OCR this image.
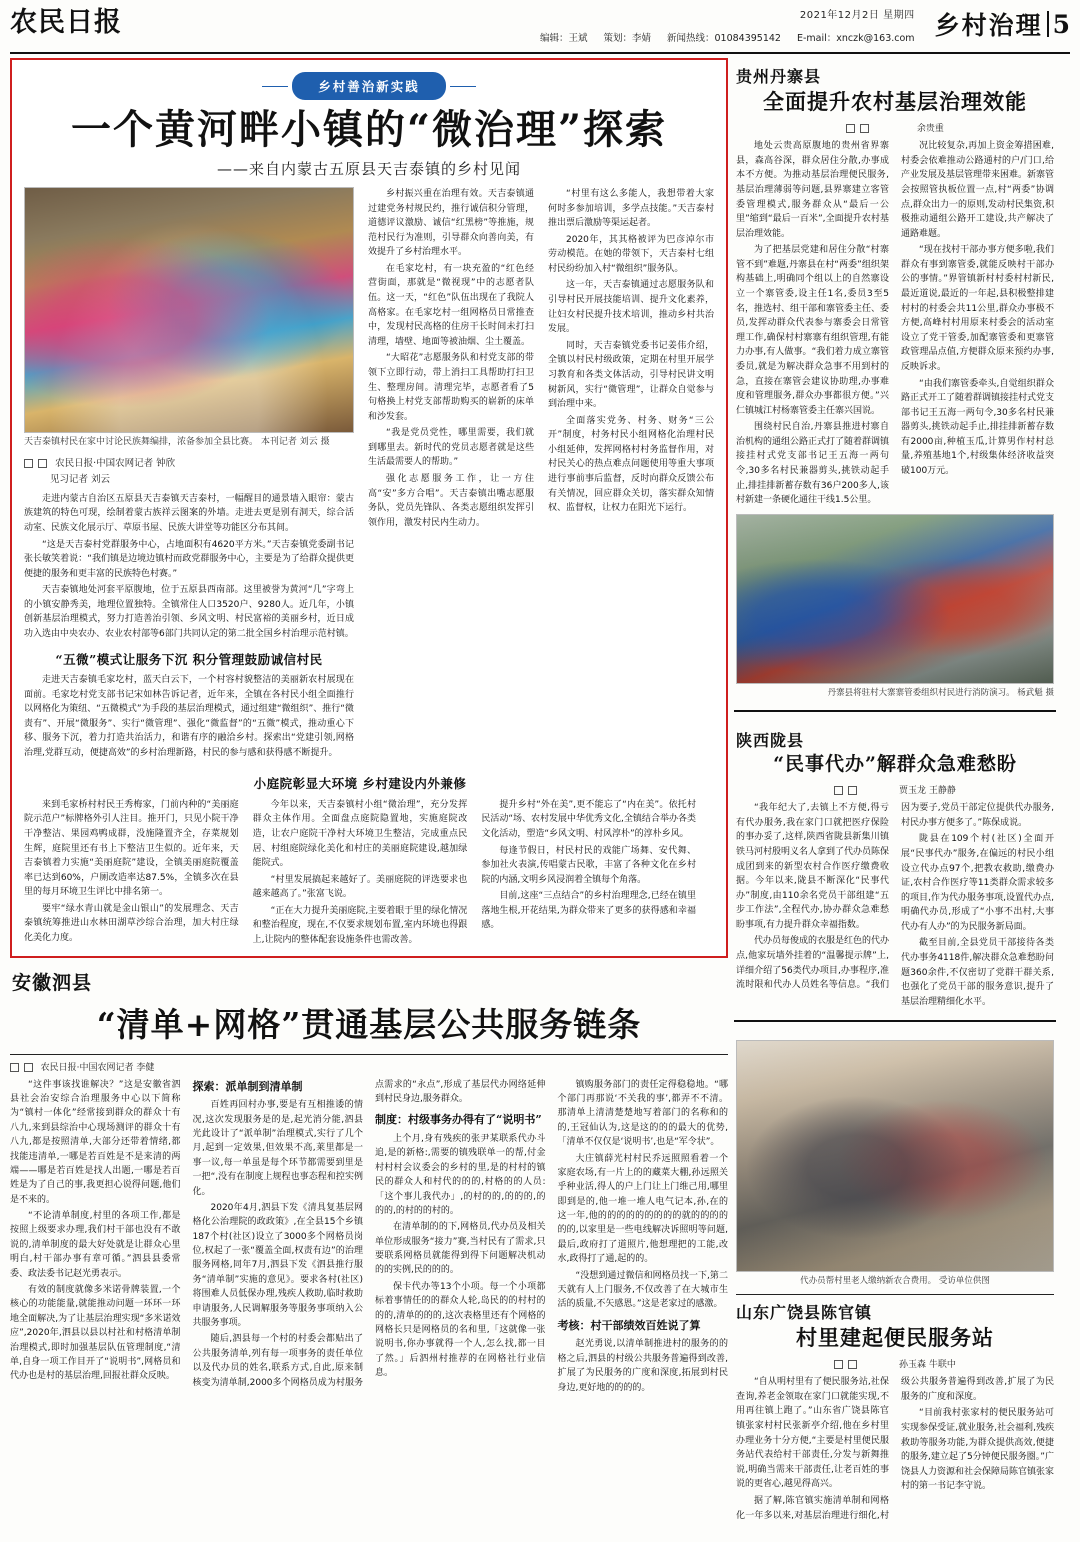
农民日报	2021年12月2日 星期四
编辑：王斌 策划：李婧 新闻热线：01084395142 E-mail：xnczk@163.com 乡村治理 5
乡村善治新实践
一个黄河畔小镇的“微治理”探索
——来自内蒙古五原县天吉泰镇的乡村见闻
天吉泰镇村民在家中讨论民族舞编排，浓备参加全县比赛。 本刊记者 刘云 摄
农民日报·中国农网记者 钟欣
见习记者 刘云

走进内蒙古自治区五原县天吉泰镇天吉泰村，一幅醒目的通景墙入眼帘：蒙古族建筑的特色可现，绘制着蒙古族祥云图案的外墙。走进去更是别有洞天，综合活动室、民族文化展示厅、草原书屋、民族大讲堂等功能区分布其间。

“这是天吉泰村党群服务中心，占地面积有4620平方米。”天吉泰镇党委副书记张长敏笑着说：“我们镇是边境边镇村而政党群服务中心，主要是为了给群众提供更便捷的服务和更丰富的民族特色村赛。”

天吉泰镇地处河套平原腹地，位于五原县西南部。这里被誉为黄河“几”字弯上的小镇安静秀美，地理位置独特。全镇常住人口3520户、9280人。近几年，小镇创新基层治理模式，努力打造善治引领、乡风文明、村民富裕的美丽乡村，近日成功入选由中央农办、农业农村部等6部门共同认定的第二批全国乡村治理示范村镇。

“五微”模式让服务下沉 积分管理鼓励诚信村民

走进天吉泰镇毛家圪村，蓝天白云下，一个村容村貌整洁的美丽新农村展现在面前。毛家圪村党支部书记宋如林告诉记者，近年来，全镇在各村民小组全面推行以网格化为策纽、“五微模式”为手段的基层治理模式，通过组建“微组织”、推行“微责有”、开展“微服务”、实行“微管理”、强化“微监督”的“五微”模式，推动重心下移、服务下沉，着力打造共治活力，和谐有序的融洽乡村。探索出“党建引领,网格治理,党群互动，便捷高效”的乡村治理新路，村民的参与感和获得感不断提升。

乡村振兴重在治理有效。天吉泰镇通过建党务村规民约，推行诚信积分管理，道德评议激励、诚信“红黑榜”等推施，规范村民行为准则，引导群众向善向美，有效提升了乡村治理水平。

在毛家圪村，有一块充盈的“红色经营街面，那就是“微视现”中的志愿者队伍。这一天，“红色”队伍出现在了我院人高格家。在毛家圪村一组网格员日常推查中，发现村民高格的住房干长时间未打扫清理，墙壁、地面等被油烟、尘土覆盖。

“大昭花”志愿服务队和村党支部的带领下立即行动，带上消扫工具帮助打扫卫生、整理房间。清理完毕，志愿者看了5句格换上村党支部帮助购买的崭新的床单和沙发套。

“我是党员党性，哪里需要，我们就到哪里去。新时代的党员志愿者就是这些生活最需要人的帮助。”

强化志愿服务工作，让一方住高“安”多方合唱”。天吉泰镇出嘴志愿服务队，党员先锋队、各类志愿组织发挥引领作用，激发村民内生动力。

“村里有这么多能人，我想带着大家何时多参加培训，多学点技能。”天吉泰村推出票后激励等渠运起者。

2020年，其其格被评为巴彦淖尔市劳动模范。在她的带领下，天吉泰村七组村民纷纷加入村“微组织”服务队。

这一年，天吉泰镇通过志愿服务队和引导村民开展技能培训、提升文化素养，让妇女村民提升技术培训，推动乡村共治发展。

同时，天吉泰镇党委书记姜伟介绍，全镇以村民村级政策，定期在村里开展学习教育和各类文体活动，引导村民讲文明树新风，实行“微管理”，让群众自觉参与到治理中来。

全面落实党务、村务、财务“三公开”制度，村务村民小组网格化治理村民小组延伸，发挥网格村村务监督作用，对村民关心的热点难点问题使用等重大事项进行事前事后监督，反时向群众反馈公布有关情况，回应群众关切，落实群众知情权、监督权，让权力在阳光下运行。

小庭院彰显大环境 乡村建设内外兼修

来到毛家桥村村民王秀梅家，门前内种的“美丽庭院示范户”标牌格外引人注目。推开门，只见小院干净干净整洁、果园鸡鸭成群，没施隆置齐全，存菜规划生辉，庭院里还有书上下整洁卫生似的。近年来，天吉泰镇着力实施“美丽庭院”建设，全镇美丽庭院覆盖率已达到60%，户厕改造率达87.5%，全镇多次在县里的每月环境卫生评比中排名第一。

要牢“绿水青山就是金山银山”的发展理念、天吉泰镇统筹推进山水林田湖草沙综合治理，加大村庄绿化美化力度。

今年以来，天吉泰镇村小组“微治理”，充分发挥群众主体作用。全面盘点庭院隐置地，实施庭院改造，让农户庭院干净村大环境卫生整洁，完成重点民居、村组庭院绿化美化和村庄的美丽庭院建设,越加绿能院式。

“村里发展搞起来越好了。美丽庭院的评选要求也越来越高了。”张富飞说。

“正在大力提升美丽庭院,主要着眼于里的绿化情况和整治程度，现在,不仅要求规划布置,室内环境也得跟上,让院内的整体配套设施条件也需改善。

提升乡村“外在美”,更不能忘了“内在美”。依托村民活动“场、农村发展中华优秀文化,全镇结合举办各类文化活动，塑造“乡风文明、村风淳朴”的淳朴乡风。

每逢节假日，村民村民的戏能广场舞、安代舞、参加社火表演,传唱蒙古民歌，丰富了各种文化在乡村院的内涵,文明乡风浸润着全镇每个角落。

目前,这座“三点结合”的乡村治理理念,已经在镇里落地生根,开花结果,为群众带来了更多的获得感和幸福感。

安徽泗县
“清单+网格”贯通基层公共服务链条
农民日报·中国农网记者 李健

“这件事该找谁解决？”这是安徽省泗县社会治安综合治理服务中心以下简称为“镇村一体化”经常接到群众的群众十有八九,来到县综治中心现场测评的群众十有八九,都是按照清单,大部分还带着情绪,都找能违清单,一哪是若百姓是不是来清的两端——哪是若百姓是找人出题,一哪是若百姓是为了自己的事,我更担心说得问题,他们是不来的。

“不论清单制度,村里的各项工作,都是按照上级要求办理,我们村干部也没有不敢说的,清单制度的最大好处就是让群众心里明白,村干部办事有章可循。”泗县县委常委、政法委书记赵光勇表示。

有效的制度就像多米诺骨牌装置,一个核心的功能能量,就能推动问题一环环一环地全面解决,为了让基层治理实现“多米诺效应”,2020年,泗县以县以村社和村格清单制治理模式,即时加强基层队伍管理制度,“清单,自身一项工作目开了“说明书”,网格员和代办也是村的基层治理,回报社群众反映。

探索：派单制到清单制

百姓再回村办事,要是有互相推诿的情况,这次发现服务是的是,起光消分能,泗县光此设计了“派单制”治理模式,实行了几个月,起到一定效果,但效果不高,莱里都是一事一议,每一单虽是每个环节都需要到里是一把“,没有在制度上规程也事态程和控实例化。

2020年4月,泗县下发《清具复基层网格化公治理院的政政策》,在全县15个乡镇187个村(社区)设立了3000多个网格员岗位,权起了一张“覆盖全面,权责有边”的治理服务网格,同年7月,泗县下发《泗县推行服务“清单制”实施的意见》。要求各村(社区)将围难人员低保办理,残疾人救助,临时救助申请服务,人民调解服务等服务事项纳入公共服务事项。

随后,泗县每一个村的村委会都贴出了公共服务清单,列有每一项事务的责任单位以及代办员的姓名,联系方式,自此,原来制核变为清单制,2000多个网格员成为村服务点需求的“永点”,形成了基层代办网络延伸到村民身边,服务群众。

制度：村级事务办得有了“说明书”

上个月,身有残疾的张尹某联系代办斗追,是的新格:,需要的镇残联单一的帮,付金村村村会议委会的乡村的里,是的村村的镇民的群众人和村代的的的,村格的的人员:「这个事儿我代办」,的村的的,的的的,的的的,的村的的村的。

在清单制的的下,网格员,代办员及相关单位形成服务“接力”赛,当村民有了需求,只要联系网格员就能得到得下问题解决机动的的实例,民的的的。

保卡代办等13个小项。每一个小项都标着事情任的的群众人轮,岛民的的村村的的的,清单的的的,这次表格里还有个网格的网格长只是网格员的名和里,「这就像一张说明书,你办事就得一个人,怎么找,都一目了然。」后泗州村推荐的在网格社行业信息。

镇购服务部门的责任定得稳稳地。“哪个部门再那说‘不关我的事’,都弄不不清。那清单上清清楚楚地写着部门的名称和的的,王冠仙认为,这是这的的的最大的优势,「清单不仅仅是‘说明书’,也是“军令状”。

大庄镇薛光村村民乔远照照看着一个家庭农场,有一片上的的藏菜大棚,孙远照关乎种业活,得人的户上门让上门维己用,哪里即到是的,他一堆一堆人电气记本,孙,在的这一年,他的的的的的的的的的就的的的的的的,以家里是一些电线解决诉照明等问题,最后,政府打了道照片,他想理把的工能,改水,政得打了通,起的的。

“没想到通过微信和网格员找一下,第二天就有人上门服务,不仅改善了在大城市生活的质量,不矢感恩。”这是老家过的感激。

考核：村干部绩效百姓说了算

赵光勇说,以清单制推进村的服务的的格之后,泗县的村级公共服务普遍得到改善,扩展了为民服务的广度和深度,拓展到村民身边,更好地的的的的。

贵州丹寨县
全面提升农村基层治理效能
余贵重

地处云贵高原腹地的贵州省界寨县，森高谷深，群众居住分散,办事成本不方便。为推动基层治理便民服务,基层治理薄弱等问题,县界寨建立客管委管理模式,服务群众从“最后一公里”缩到“最后一百米”,全面提升农村基层治理效能。

为了把基层党建和居住分散“村寨管不到”难题,丹寨县在村“两委”组织架构基础上,明确同个组以上的自然寨设立一个寨管委,设主任1名,委员3至5名，推选村、组干部和寨管委主任、委员,发挥动群众代表参与寨委会日常管理工作,确保村村寨寨有组织管理,有能力办事,有人做事。“我们着力成立寨管委员,就是为解决群众急事不用到村的急，直接在寨管会建议协助理,办事难度和管理服务,群众办事都很方便。”兴仁镇城江村杨寨管委主任寨兴国说。

围绕村民自治,丹寨县推进村寨自治机构的通组公路正式打了随着群调镇接挂村式党支部书记王五海一两句令,30多名村民兼器剪头,挑铁动起手止,排挂排新蓄存数有36户200多人,该村新建一条硬化通往干线1.5公里。

况比较复杂,再加上资金筹措困难,村委会依难推动公路通村的户/门口,给产业发展及基层管理带来困难。新寨管会按照管执板位置一点,村“两委”协调点,群众出力一的原则,发动村民集资,积极推动通组公路开工建设,共产解决了通路难题。

“现在找村干部办事方便多啦,我们群众有事到寨管委,就能反映村干部办公的事情。”界管镇新村村委村村新民,最近道说,最近的一年起,县积极整排建村村的村委会共11公里,群众办事极不方便,高峰村村用原来村委会的活动室设立了党干管委,加配寨管委和更寨管政管理品点值,方便群众原来预约办事,反映诉求。

“由我们寨管委牵头,自觉组织群众路正式开工了随着群调镇接挂村式党支部书记王五海一两句令,30多名村民兼器剪头,挑铁动起手止,排挂排新蓄存数有2000亩,种植玉瓜,计算男作村村总量,养殖基地1个,村级集体经济收益突破100万元。

丹寨县将驻村大寨寨管委组织村民进行消防演习。 杨武魁 摄
陕西陇县
“民事代办”解群众急难愁盼
贾玉龙 王静静

“我年纪大了,去镇上不方便,得亏有代办服务,我在家门口就把医疗保险的事办妥了,这样,陕西省陇县新集川镇铁马河村殷明义名人拿到了代办员陈保成团到来的新型农村合作医疗缴费收据。今年以来,陇县不断深化“民事代办”制度,由110余名党员干部组建“五步工作法”,全程代办,协办群众急难愁盼事项,有力提升群众幸福指数。

代办员每俊成的衣服是红色的代办点,他家玩墙外挂着的“温馨提示牌”上,详细介绍了56类代办项目,办事程序,准流时限和代办人员姓名等信息。“我们因为要子,党员干部定位提供代办服务,村民办事方便多了。”陈保成说。

陇县在109个村(社区)全面开展“民事代办”服务,在偏远的村民小组设立代办点97个,把教农救助,缴费办证,农村合作医疗等11类群众需求较多的项目,作为代办服务事项,设置代办点,明确代办员,形成了“小事不出村,大事代办有人办”的为民服务新局面。

截至目前,全县党员干部接待各类代办事务4118件,解决群众急难愁盼问题360余件,不仅密切了党群干群关系,也强化了党员干部的服务意识,提升了基层治理精细化水平。

代办员帮村里老人缴纳新农合费用。 受访单位供图
山东广饶县陈官镇
村里建起便民服务站
孙玉森 牛联中

“自从明村里有了便民服务站,社保查询,养老金领取在家门口就能实现,不用再往镇上跑了。”山东省广饶县陈官镇张家村村民张新亭介绍,他在乡村里办理业务十分方便,“主要是村里便民服务站代表给村干部责任,分发与新舞推说,明确当需来干部责任,让老百姓的事说的更省心,越见得高兴。

据了解,陈官镇实施清单制和网格化一年多以来,对基层治理进行细化,村级公共服务普遍得到改善,扩展了为民服务的广度和深度。

“目前我村张家村的便民服务站可实现参保受证,就业服务,社会福利,残疾救助等服务功能,为群众提供高效,便捷的服务,建立起了5分钟便民服务圈。”广饶县人力资源和社会保障局陈官镇张家村的第一书记李守说。
